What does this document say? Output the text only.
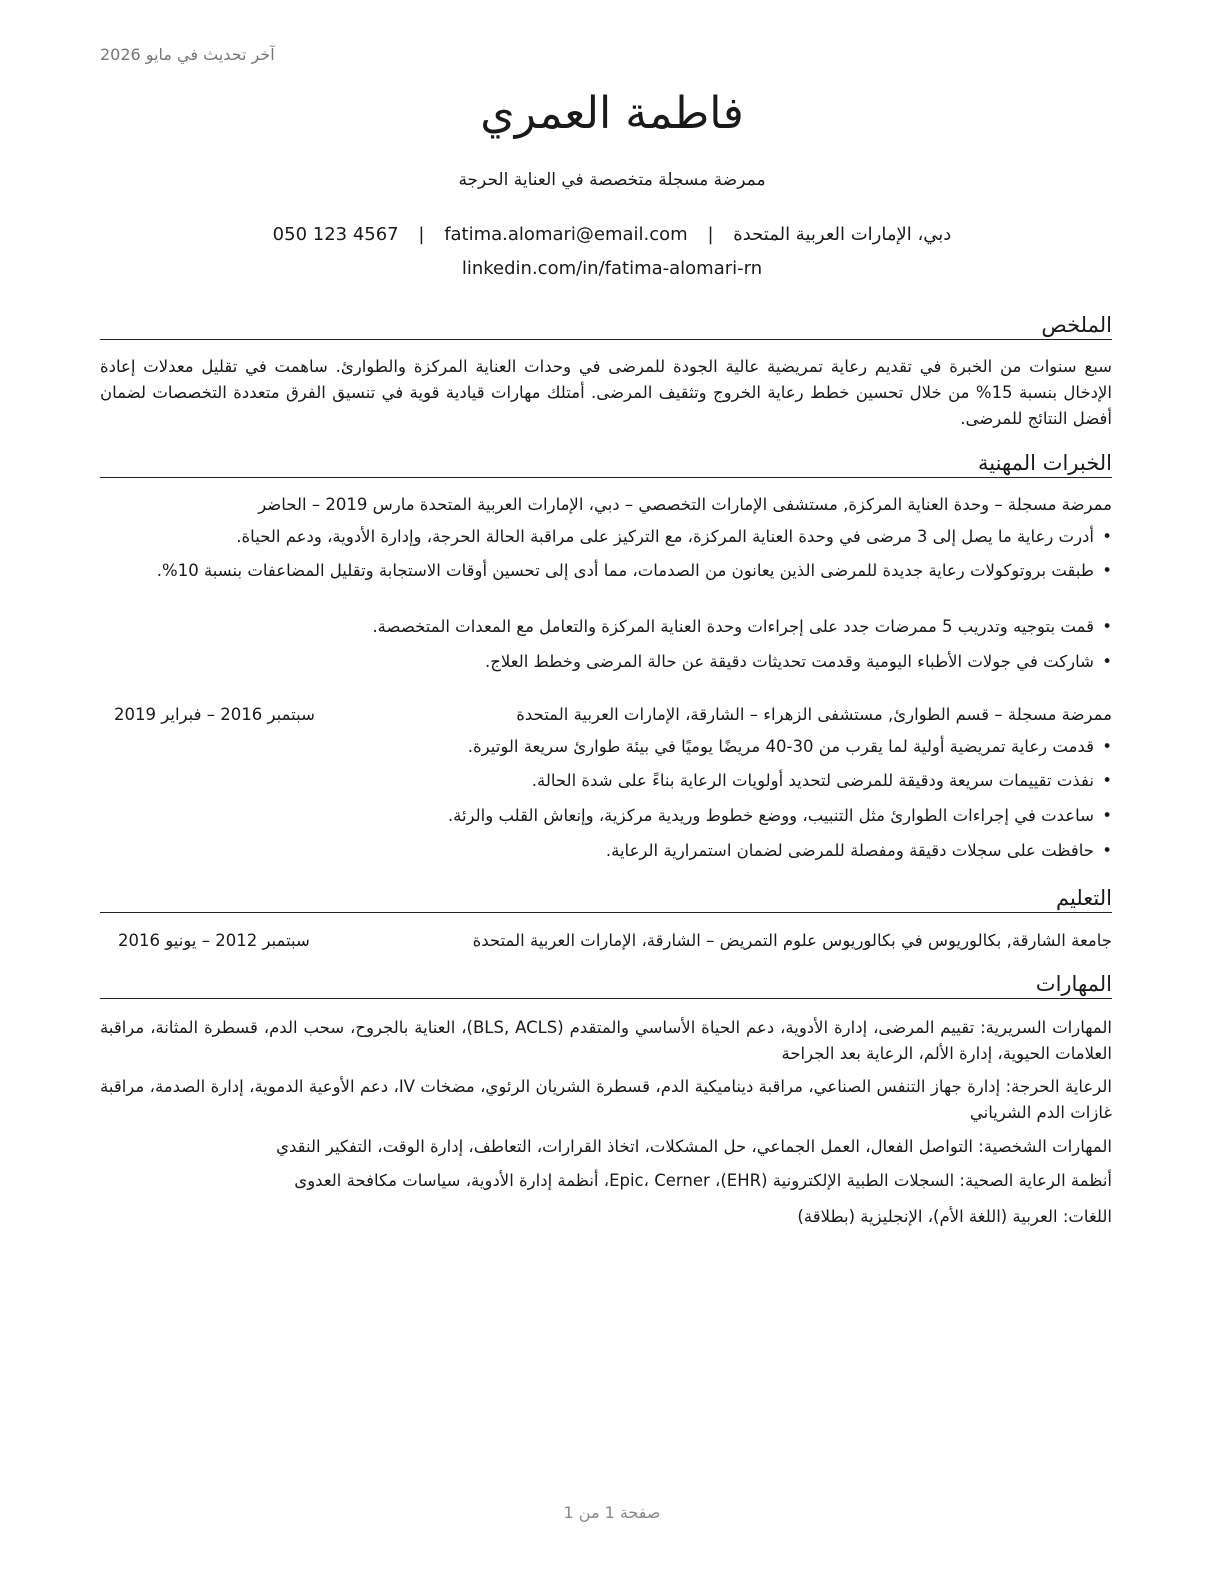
آخر تحديث في مايو 2026
فاطمة العمري
ممرضة مسجلة متخصصة في العناية الحرجة
دبي، الإمارات العربية المتحدة | fatima.alomari@email.com | 050 123 4567
linkedin.com/in/fatima-alomari-rn
الملخص
سبع سنوات من الخبرة في تقديم رعاية تمريضية عالية الجودة للمرضى في وحدات العناية المركزة والطوارئ. ساهمت في تقليل معدلات إعادة الإدخال بنسبة 15% من خلال تحسين خطط رعاية الخروج وتثقيف المرضى. أمتلك مهارات قيادية قوية في تنسيق الفرق متعددة التخصصات لضمان أفضل النتائج للمرضى.
الخبرات المهنية
ممرضة مسجلة – وحدة العناية المركزة, مستشفى الإمارات التخصصي – دبي، الإمارات العربية المتحدة مارس 2019 – الحاضر
•أدرت رعاية ما يصل إلى 3 مرضى في وحدة العناية المركزة، مع التركيز على مراقبة الحالة الحرجة، وإدارة الأدوية، ودعم الحياة.
•طبقت بروتوكولات رعاية جديدة للمرضى الذين يعانون من الصدمات، مما أدى إلى تحسين أوقات الاستجابة وتقليل المضاعفات بنسبة 10%.
•قمت بتوجيه وتدريب 5 ممرضات جدد على إجراءات وحدة العناية المركزة والتعامل مع المعدات المتخصصة.
•شاركت في جولات الأطباء اليومية وقدمت تحديثات دقيقة عن حالة المرضى وخطط العلاج.
ممرضة مسجلة – قسم الطوارئ, مستشفى الزهراء – الشارقة، الإمارات العربية المتحدة
سبتمبر 2016 – فبراير 2019
•قدمت رعاية تمريضية أولية لما يقرب من 30-40 مريضًا يوميًا في بيئة طوارئ سريعة الوتيرة.
•نفذت تقييمات سريعة ودقيقة للمرضى لتحديد أولويات الرعاية بناءً على شدة الحالة.
•ساعدت في إجراءات الطوارئ مثل التنبيب، ووضع خطوط وريدية مركزية، وإنعاش القلب والرئة.
•حافظت على سجلات دقيقة ومفصلة للمرضى لضمان استمرارية الرعاية.
التعليم
جامعة الشارقة, بكالوريوس في بكالوريوس علوم التمريض – الشارقة، الإمارات العربية المتحدة
سبتمبر 2012 – يونيو 2016
المهارات
المهارات السريرية: تقييم المرضى، إدارة الأدوية، دعم الحياة الأساسي والمتقدم (BLS, ACLS)، العناية بالجروح، سحب الدم، قسطرة المثانة، مراقبة العلامات الحيوية، إدارة الألم، الرعاية بعد الجراحة
الرعاية الحرجة: إدارة جهاز التنفس الصناعي، مراقبة ديناميكية الدم، قسطرة الشريان الرئوي، مضخات IV، دعم الأوعية الدموية، إدارة الصدمة، مراقبة غازات الدم الشرياني
المهارات الشخصية: التواصل الفعال، العمل الجماعي، حل المشكلات، اتخاذ القرارات، التعاطف، إدارة الوقت، التفكير النقدي
أنظمة الرعاية الصحية: السجلات الطبية الإلكترونية (EHR)، Epic، Cerner، أنظمة إدارة الأدوية، سياسات مكافحة العدوى
اللغات: العربية (اللغة الأم)، الإنجليزية (بطلاقة)
صفحة 1 من 1
